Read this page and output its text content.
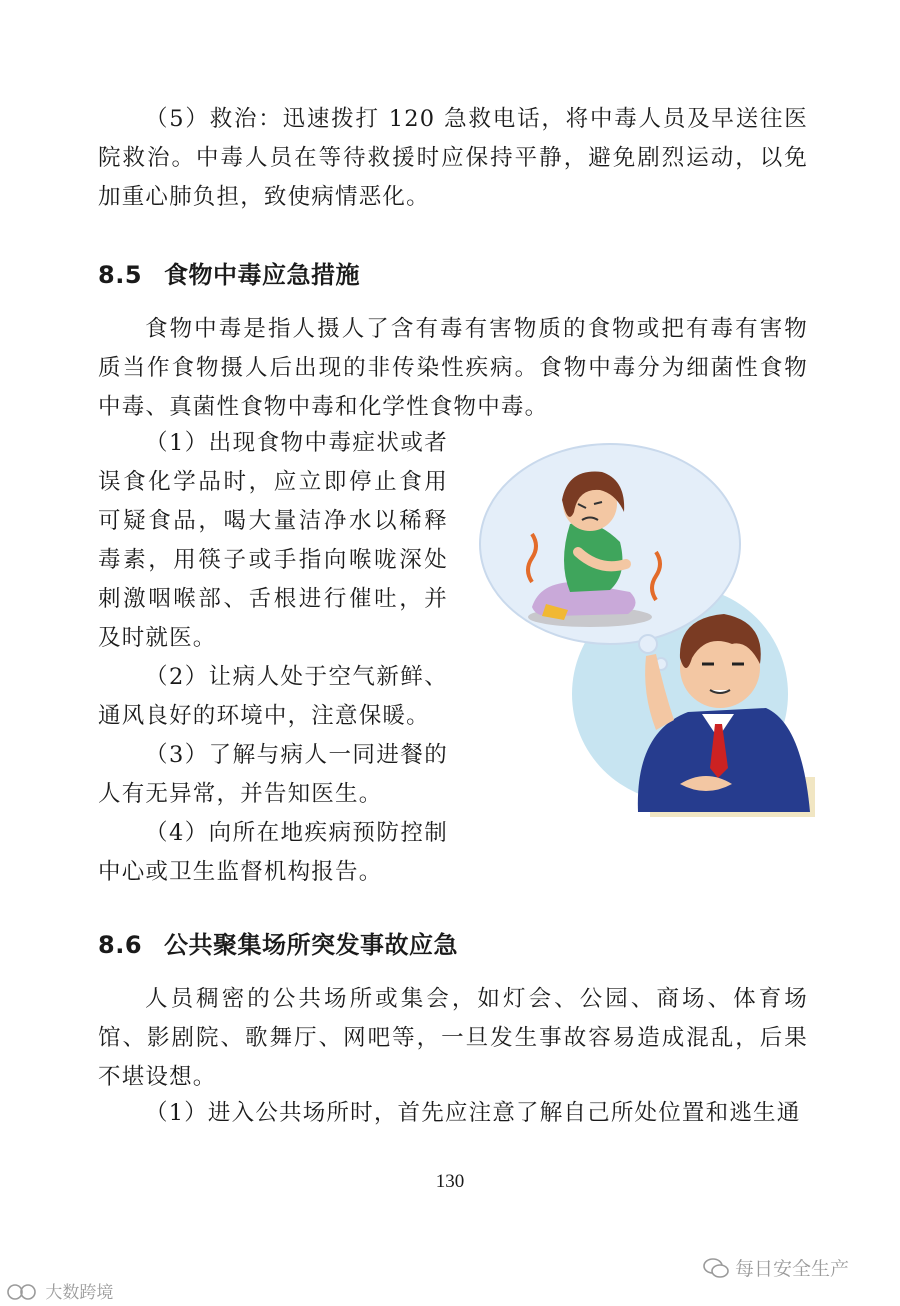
（5）救治：迅速拨打 120 急救电话，将中毒人员及早送往医院救治。中毒人员在等待救援时应保持平静，避免剧烈运动，以免加重心肺负担，致使病情恶化。

8.5 食物中毒应急措施

食物中毒是指人摄人了含有毒有害物质的食物或把有毒有害物质当作食物摄人后出现的非传染性疾病。食物中毒分为细菌性食物中毒、真菌性食物中毒和化学性食物中毒。

（1）出现食物中毒症状或者误食化学品时，应立即停止食用可疑食品，喝大量洁净水以稀释毒素，用筷子或手指向喉咙深处刺激咽喉部、舌根进行催吐，并及时就医。

（2）让病人处于空气新鲜、通风良好的环境中，注意保暖。

（3）了解与病人一同进餐的人有无异常，并告知医生。

（4）向所在地疾病预防控制中心或卫生监督机构报告。

8.6 公共聚集场所突发事故应急

人员稠密的公共场所或集会，如灯会、公园、商场、体育场馆、影剧院、歌舞厅、网吧等，一旦发生事故容易造成混乱，后果不堪设想。

（1）进入公共场所时，首先应注意了解自己所处位置和逃生通

130
每日安全生产
大数跨境
